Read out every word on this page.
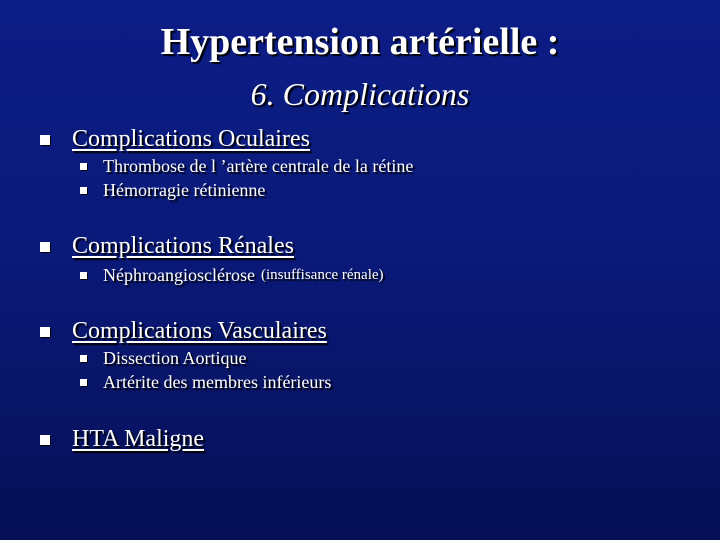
Hypertension artérielle :
6. Complications
Complications Oculaires
Thrombose de l ’artère centrale de la rétine
Hémorragie rétinienne
Complications Rénales
Néphroangiosclérose (insuffisance rénale)
Complications Vasculaires
Dissection Aortique
Artérite des membres inférieurs
HTA Maligne
